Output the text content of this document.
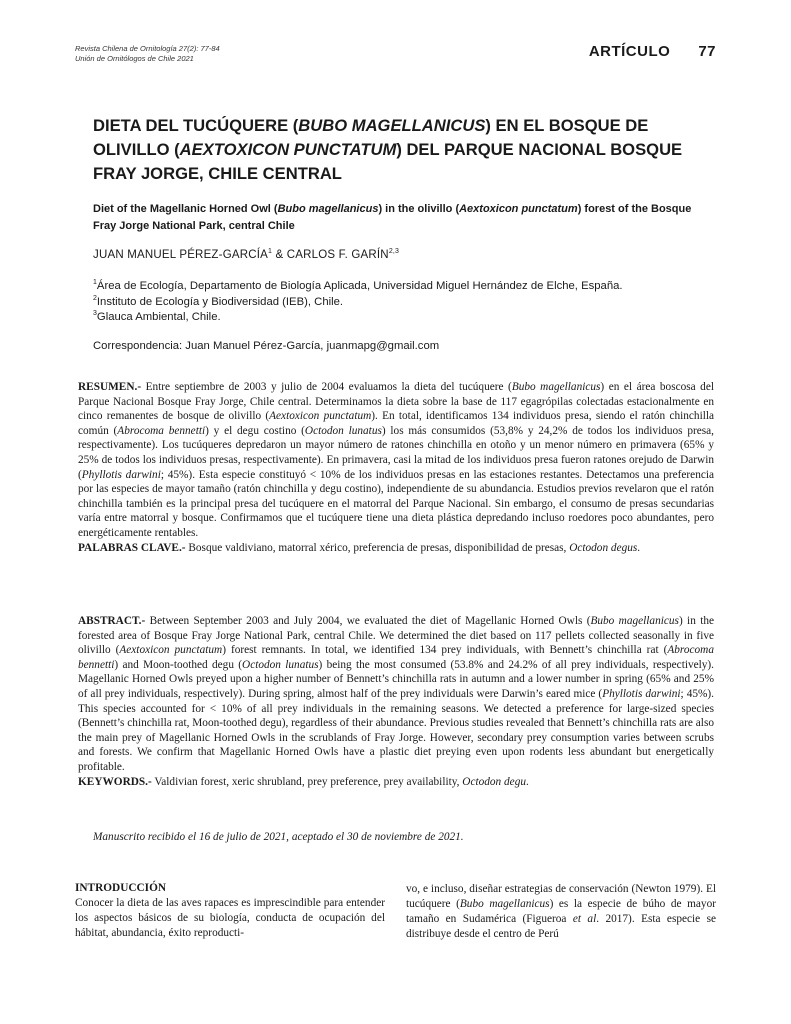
Revista Chilena de Ornitología 27(2): 77-84
Unión de Ornitólogos de Chile 2021	ARTÍCULO 77
DIETA DEL TUCÚQUERE (BUBO MAGELLANICUS) EN EL BOSQUE DE OLIVILLO (AEXTOXICON PUNCTATUM) DEL PARQUE NACIONAL BOSQUE FRAY JORGE, CHILE CENTRAL
Diet of the Magellanic Horned Owl (Bubo magellanicus) in the olivillo (Aextoxicon punctatum) forest of the Bosque Fray Jorge National Park, central Chile
JUAN MANUEL PÉREZ-GARCÍA$^1$ & CARLOS F. GARÍN$^{2,3}$
$^1$Área de Ecología, Departamento de Biología Aplicada, Universidad Miguel Hernández de Elche, España.
$^2$Instituto de Ecología y Biodiversidad (IEB), Chile.
$^3$Glauca Ambiental, Chile.
Correspondencia: Juan Manuel Pérez-García, juanmapg@gmail.com

RESUMEN.- Entre septiembre de 2003 y julio de 2004 evaluamos la dieta del tucúquere (Bubo magellanicus) en el área boscosa del Parque Nacional Bosque Fray Jorge, Chile central. Determinamos la dieta sobre la base de 117 egagrópilas colectadas estacionalmente en cinco remanentes de bosque de olivillo (Aextoxicon punctatum). En total, identificamos 134 individuos presa, siendo el ratón chinchilla común (Abrocoma bennetti) y el degu costino (Octodon lunatus) los más consumidos (53,8% y 24,2% de todos los individuos presa, respectivamente). Los tucúqueres depredaron un mayor número de ratones chinchilla en otoño y un menor número en primavera (65% y 25% de todos los individuos presas, respectivamente). En primavera, casi la mitad de los individuos presa fueron ratones orejudo de Darwin (Phyllotis darwini; 45%). Esta especie constituyó < 10% de los individuos presas en las estaciones restantes. Detectamos una preferencia por las especies de mayor tamaño (ratón chinchilla y degu costino), independiente de su abundancia. Estudios previos revelaron que el ratón chinchilla también es la principal presa del tucúquere en el matorral del Parque Nacional. Sin embargo, el consumo de presas secundarias varía entre matorral y bosque. Confirmamos que el tucúquere tiene una dieta plástica depredando incluso roedores poco abundantes, pero energéticamente rentables.
PALABRAS CLAVE.- Bosque valdiviano, matorral xérico, preferencia de presas, disponibilidad de presas, Octodon degus.

ABSTRACT.- Between September 2003 and July 2004, we evaluated the diet of Magellanic Horned Owls (Bubo magellanicus) in the forested area of Bosque Fray Jorge National Park, central Chile. We determined the diet based on 117 pellets collected seasonally in five olivillo (Aextoxicon punctatum) forest remnants. In total, we identified 134 prey individuals, with Bennett’s chinchilla rat (Abrocoma bennetti) and Moon-toothed degu (Octodon lunatus) being the most consumed (53.8% and 24.2% of all prey individuals, respectively). Magellanic Horned Owls preyed upon a higher number of Bennett’s chinchilla rats in autumn and a lower number in spring (65% and 25% of all prey individuals, respectively). During spring, almost half of the prey individuals were Darwin’s eared mice (Phyllotis darwini; 45%). This species accounted for < 10% of all prey individuals in the remaining seasons. We detected a preference for large-sized species (Bennett’s chinchilla rat, Moon-toothed degu), regardless of their abundance. Previous studies revealed that Bennett’s chinchilla rats are also the main prey of Magellanic Horned Owls in the scrublands of Fray Jorge. However, secondary prey consumption varies between scrubs and forests. We confirm that Magellanic Horned Owls have a plastic diet preying even upon rodents less abundant but energetically profitable.
KEYWORDS.- Valdivian forest, xeric shrubland, prey preference, prey availability, Octodon degu.

Manuscrito recibido el 16 de julio de 2021, aceptado el 30 de noviembre de 2021.
INTRODUCCIÓN

Conocer la dieta de las aves rapaces es imprescindible para entender los aspectos básicos de su biología, conducta de ocupación del hábitat, abundancia, éxito reproducti-

vo, e incluso, diseñar estrategias de conservación (Newton 1979). El tucúquere (Bubo magellanicus) es la especie de búho de mayor tamaño en Sudamérica (Figueroa et al. 2017). Esta especie se distribuye desde el centro de Perú
